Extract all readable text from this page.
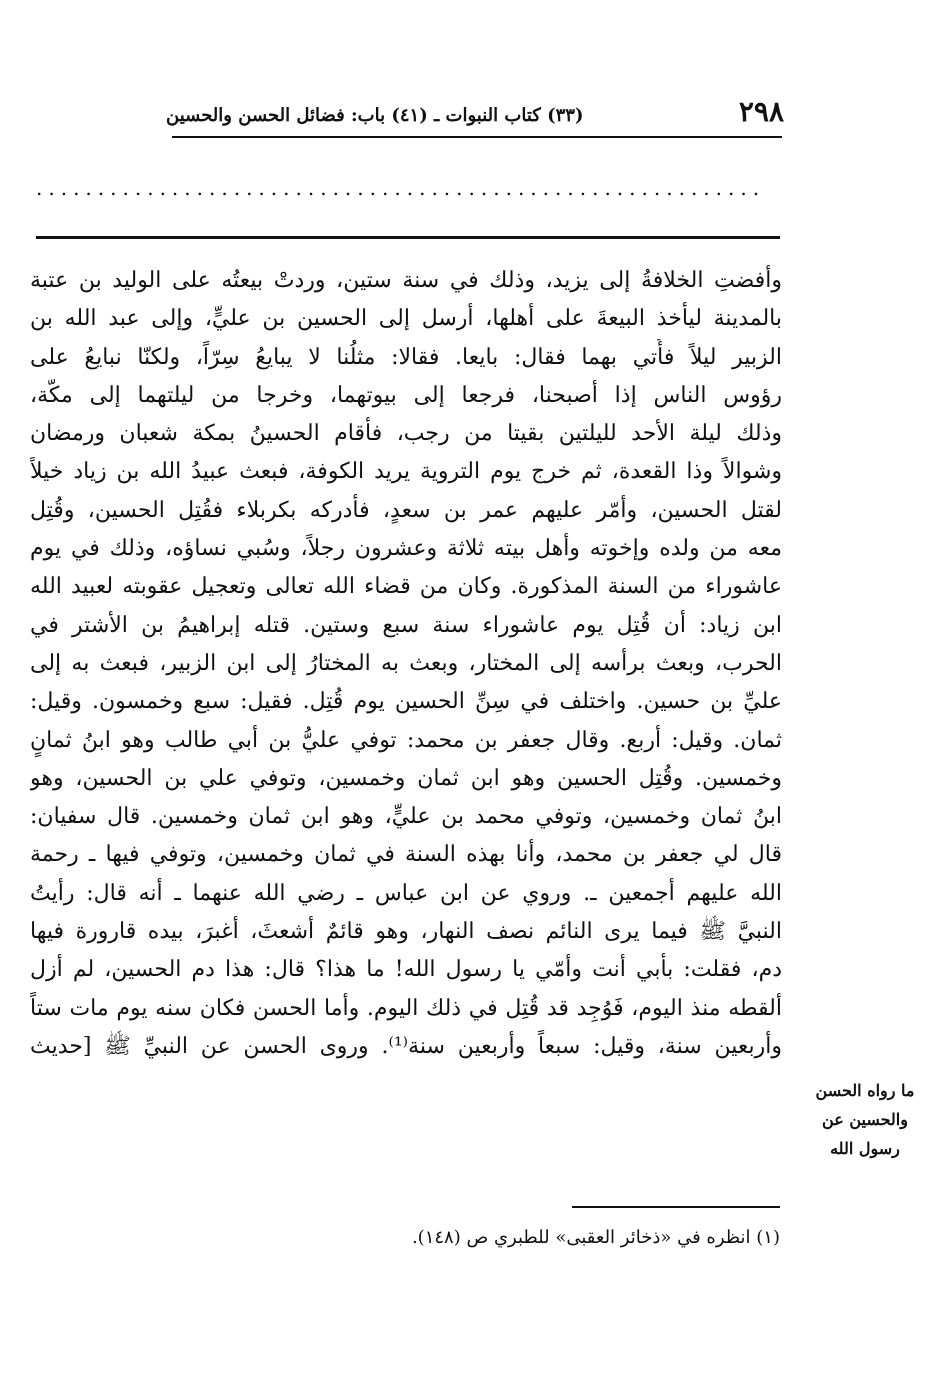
٢٩٨
(٣٣) كتاب النبوات ـ (٤١) باب: فضائل الحسن والحسين
...........................................................
وأفضتِ الخلافةُ إلى يزيد، وذلك في سنة ستين، وردتْ بيعتُه على الوليد بن عتبة
بالمدينة ليأخذ البيعةَ على أهلها، أرسل إلى الحسين بن عليٍّ، وإلى عبد الله بن
الزبير ليلاً فأُتي بهما فقال: بايعا. فقالا: مثلُنا لا يبايعُ سِرّاً، ولكنّا نبايعُ على
رؤوس الناس إذا أصبحنا، فرجعا إلى بيوتهما، وخرجا من ليلتهما إلى مكّة،
وذلك ليلة الأحد لليلتين بقيتا من رجب، فأقام الحسينُ بمكة شعبان ورمضان
وشوالاً وذا القعدة، ثم خرج يوم التروية يريد الكوفة، فبعث عبيدُ الله بن زياد خيلاً
لقتل الحسين، وأمّر عليهم عمر بن سعدٍ، فأدركه بكربلاء فقُتِل الحسين، وقُتِل
معه من ولده وإخوته وأهل بيته ثلاثة وعشرون رجلاً، وسُبي نساؤه، وذلك في يوم
عاشوراء من السنة المذكورة. وكان من قضاء الله تعالى وتعجيل عقوبته لعبيد الله
ابن زياد: أن قُتِل يوم عاشوراء سنة سبع وستين. قتله إبراهيمُ بن الأشتر في
الحرب، وبعث برأسه إلى المختار، وبعث به المختارُ إلى ابن الزبير، فبعث به إلى
عليِّ بن حسين. واختلف في سِنِّ الحسين يوم قُتِل. فقيل: سبع وخمسون. وقيل:
ثمان. وقيل: أربع. وقال جعفر بن محمد: توفي عليُّ بن أبي طالب وهو ابنُ ثمانٍ
وخمسين. وقُتِل الحسين وهو ابن ثمان وخمسين، وتوفي علي بن الحسين، وهو
ابنُ ثمان وخمسين، وتوفي محمد بن عليٍّ، وهو ابن ثمان وخمسين. قال سفيان:
قال لي جعفر بن محمد، وأنا بهذه السنة في ثمان وخمسين، وتوفي فيها ـ رحمة
الله عليهم أجمعين ـ. وروي عن ابن عباس ـ رضي الله عنهما ـ أنه قال: رأيتُ
النبيَّ ﷺ فيما يرى النائم نصف النهار، وهو قائمٌ أشعثَ، أغبرَ، بيده قارورة فيها
دم، فقلت: بأبي أنت وأمّي يا رسول الله! ما هذا؟ قال: هذا دم الحسين، لم أزل
ألقطه منذ اليوم، فَوُجِد قد قُتِل في ذلك اليوم. وأما الحسن فكان سنه يوم مات ستاً
وأربعين سنة، وقيل: سبعاً وأربعين سنة⁽¹⁾. وروى الحسن عن النبيِّ ﷺ [حديث
ما رواه الحسن
والحسين عن
رسول الله
(١) انظره في «ذخائر العقبى» للطبري ص (١٤٨).
